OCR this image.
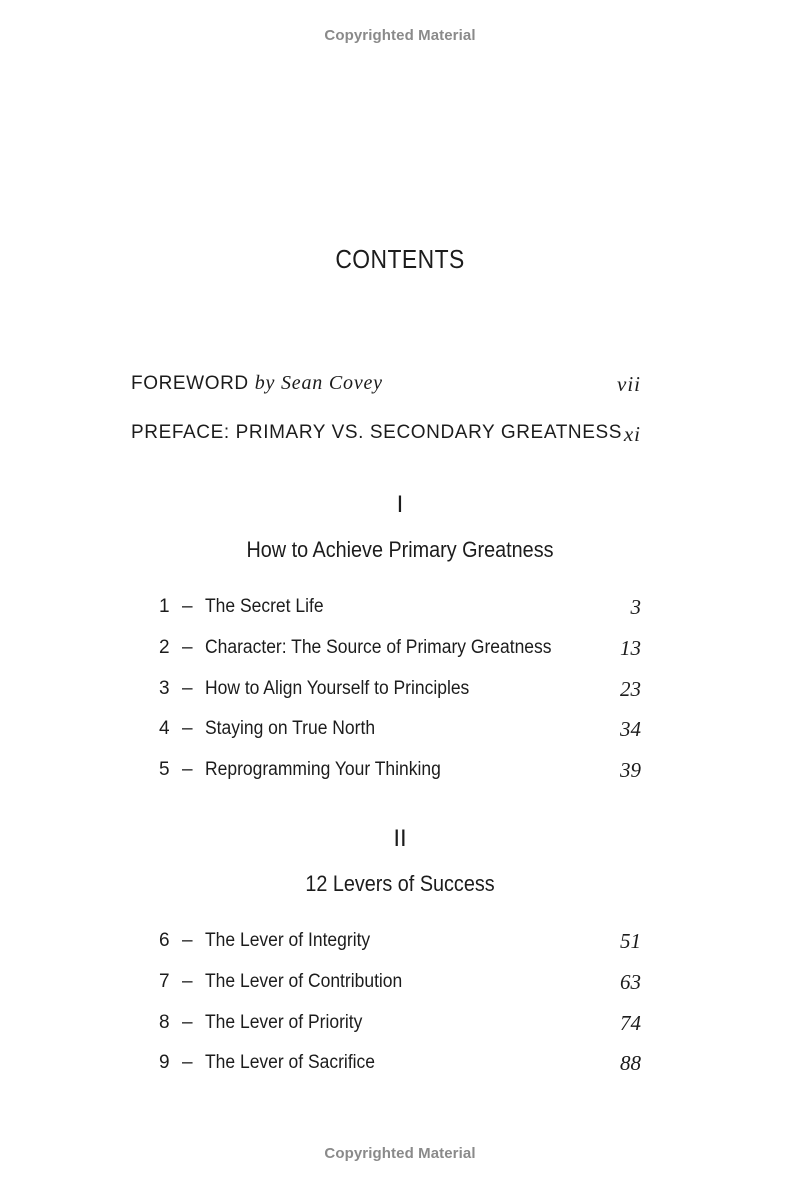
Copyrighted Material
CONTENTS
FOREWORD by Sean Covey	vii
PREFACE: PRIMARY VS. SECONDARY GREATNESS xi
I
How to Achieve Primary Greatness
1 – The Secret Life	3
2 – Character: The Source of Primary Greatness	13
3 – How to Align Yourself to Principles	23
4 – Staying on True North	34
5 – Reprogramming Your Thinking	39
II
12 Levers of Success
6 – The Lever of Integrity	51
7 – The Lever of Contribution	63
8 – The Lever of Priority	74
9 – The Lever of Sacrifice	88
Copyrighted Material
